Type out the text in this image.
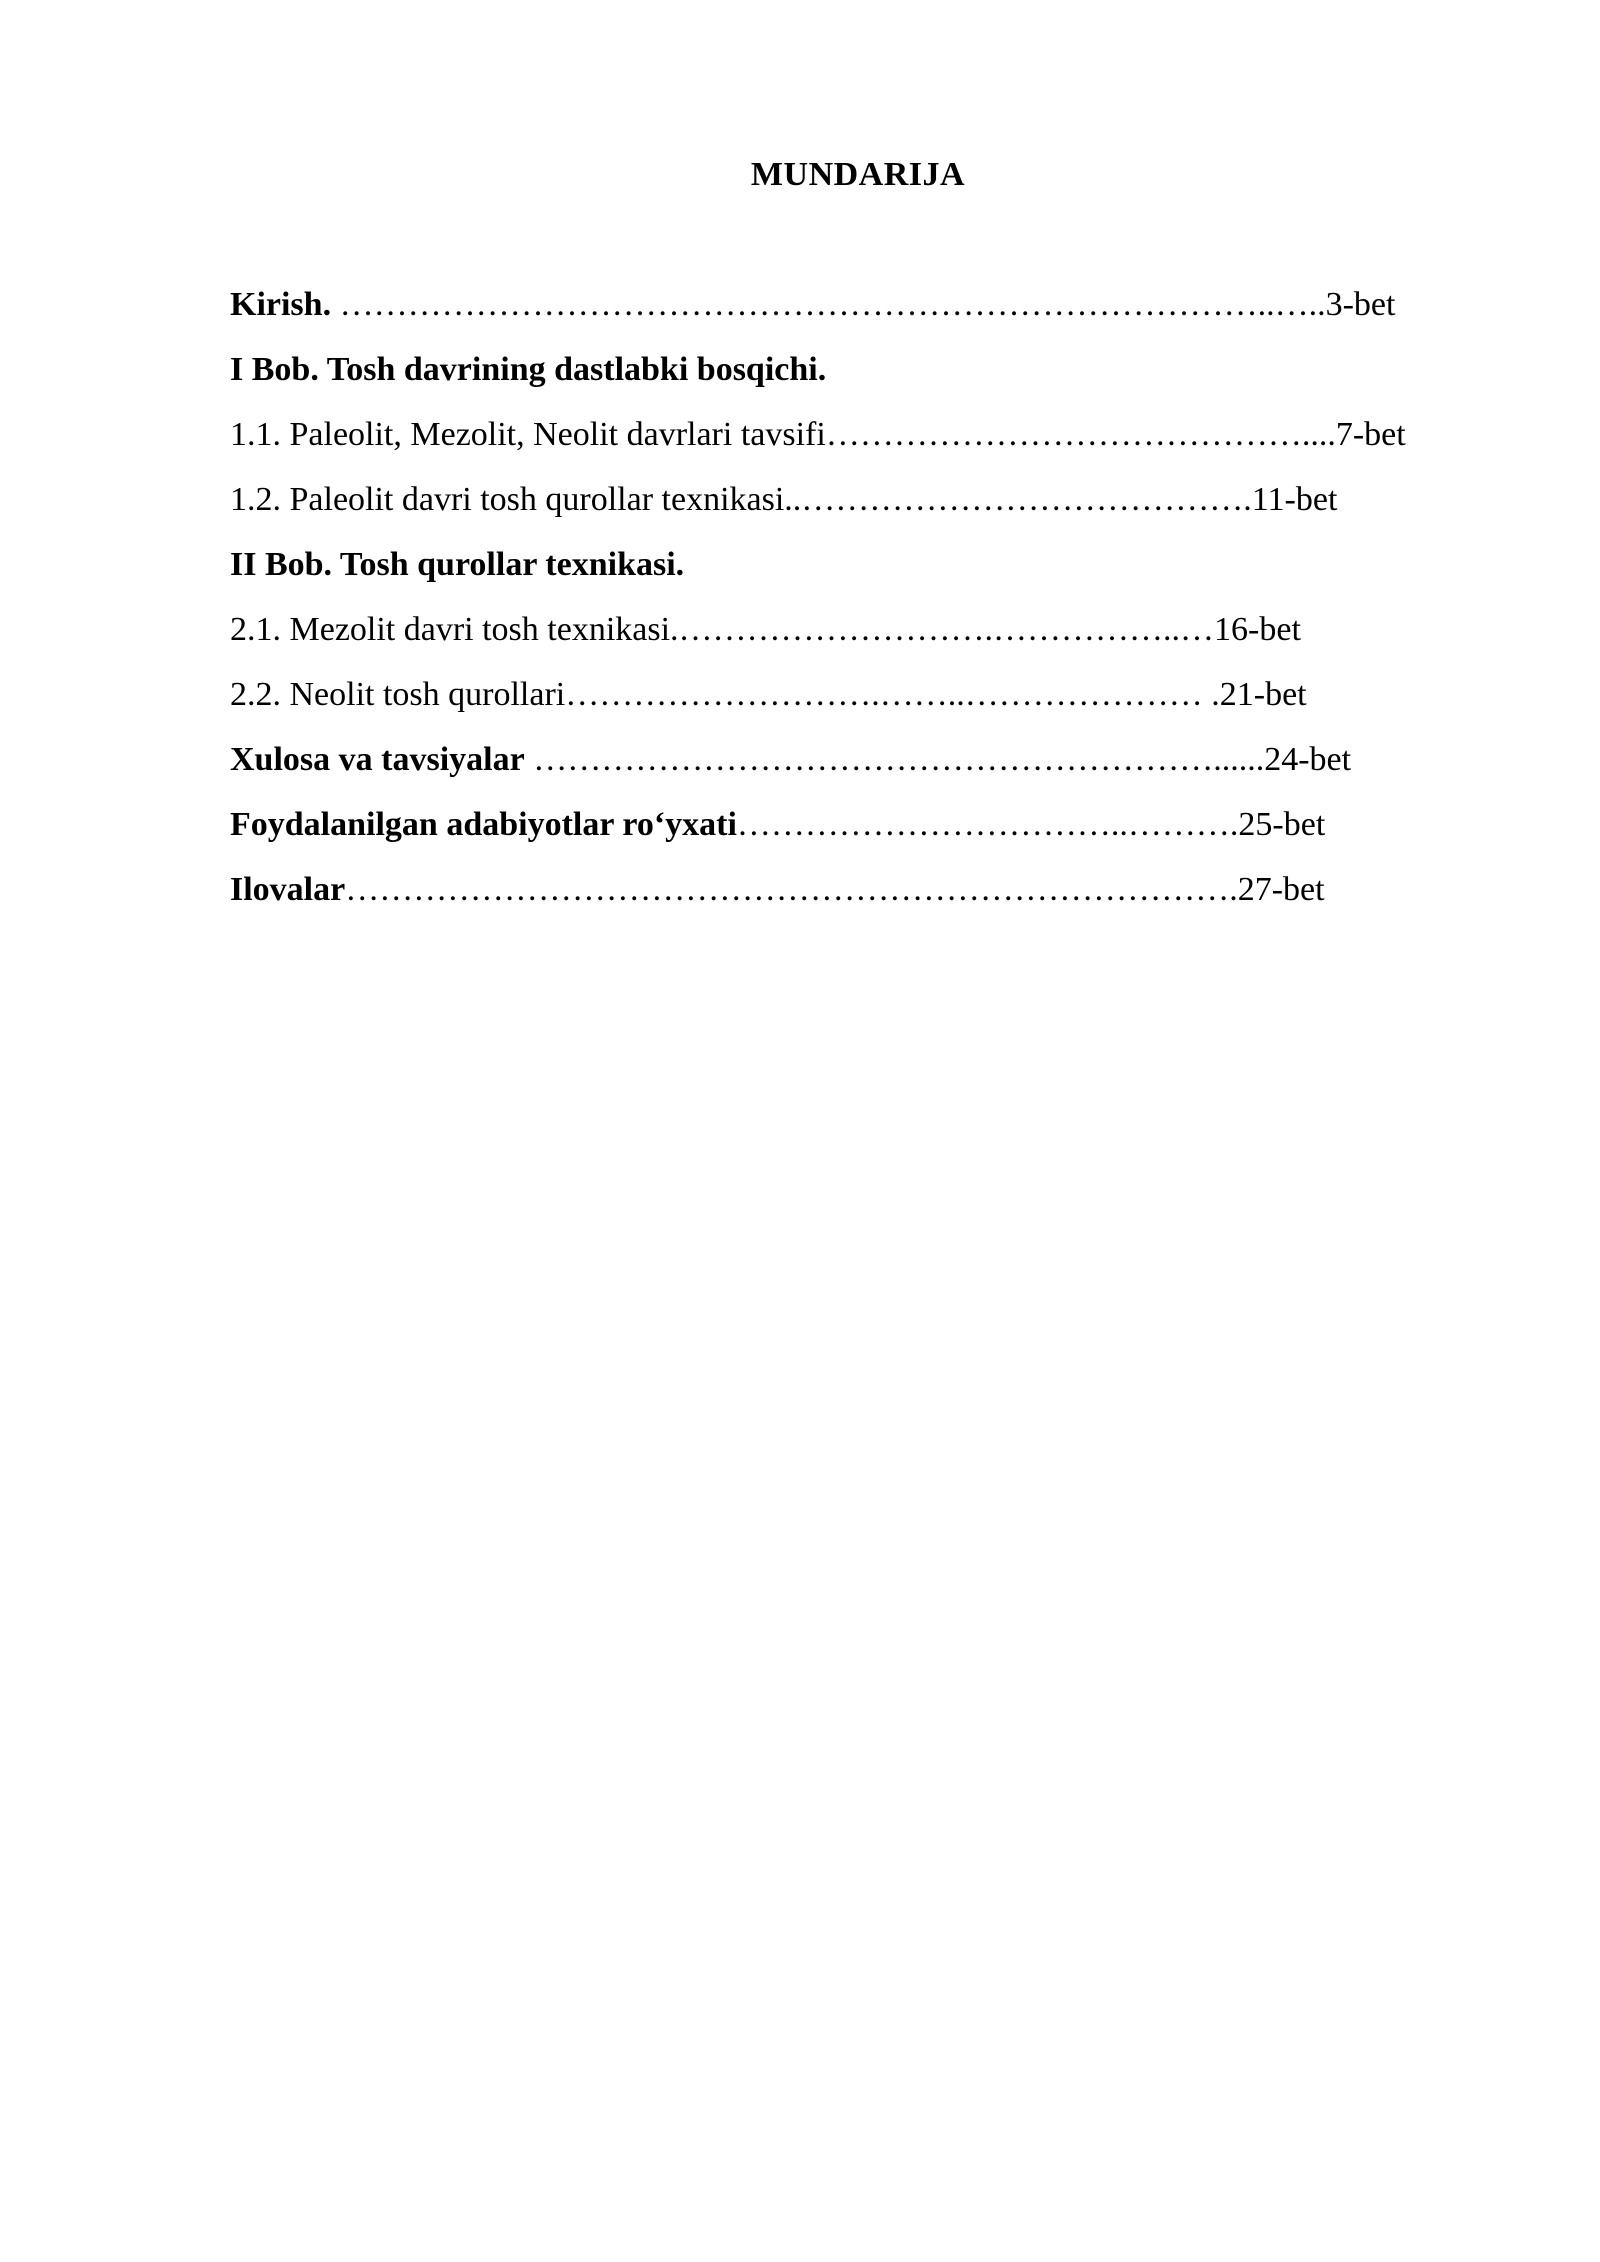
MUNDARIJA
Kirish. ………………………………………………………………………..…..3-bet
I Bob. Tosh davrining dastlabki bosqichi.
1.1. Paleolit, Mezolit, Neolit davrlari tavsifi……………………………………....7-bet
1.2. Paleolit davri tosh qurollar texnikasi..………………………………….11-bet
II Bob. Tosh qurollar texnikasi.
2.1. Mezolit davri tosh texnikasi.……………………….……………..…16-bet
2.2. Neolit tosh qurollari……………………….……..………………… .21-bet
Xulosa va tavsiyalar ……………………………………………………......24-bet
Foydalanilgan adabiyotlar ro‘yxati……………………………..……….25-bet
Ilovalar…………………………………………………………………….27-bet
